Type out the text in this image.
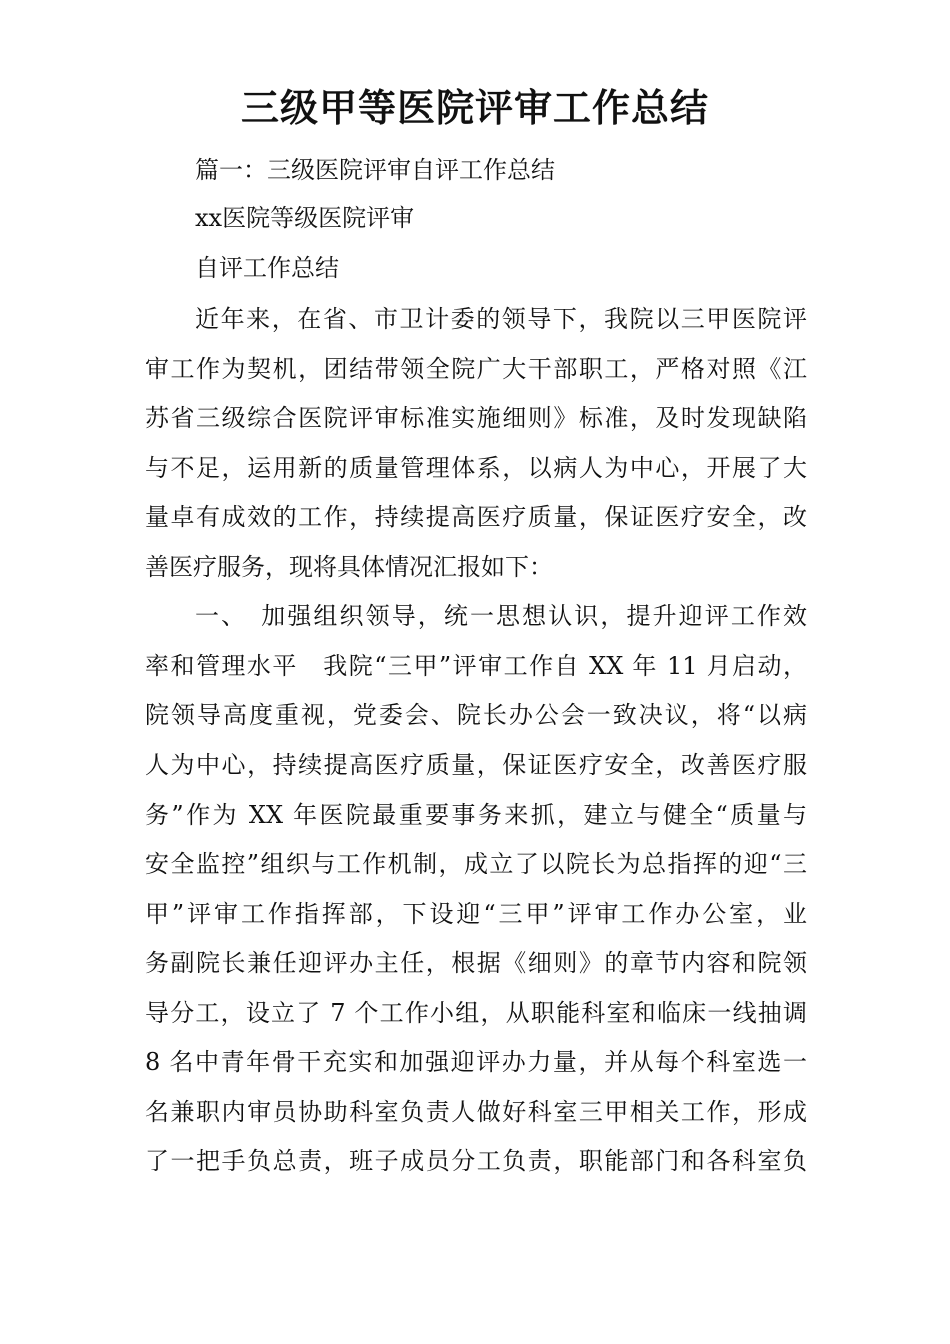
三级甲等医院评审工作总结
篇一：三级医院评审自评工作总结
xx医院等级医院评审
自评工作总结
近年来，在省、市卫计委的领导下，我院以三甲医院评
审工作为契机，团结带领全院广大干部职工，严格对照《江
苏省三级综合医院评审标准实施细则》标准，及时发现缺陷
与不足，运用新的质量管理体系，以病人为中心，开展了大
量卓有成效的工作，持续提高医疗质量，保证医疗安全，改
善医疗服务，现将具体情况汇报如下：
一、　加强组织领导，统一思想认识，提升迎评工作效
率和管理水平　我院“三甲”评审工作自 XX 年 11 月启动，
院领导高度重视，党委会、院长办公会一致决议，将“以病
人为中心，持续提高医疗质量，保证医疗安全，改善医疗服
务”作为 XX 年医院最重要事务来抓，建立与健全“质量与
安全监控”组织与工作机制，成立了以院长为总指挥的迎“三
甲”评审工作指挥部，下设迎“三甲”评审工作办公室，业
务副院长兼任迎评办主任，根据《细则》的章节内容和院领
导分工，设立了 7 个工作小组，从职能科室和临床一线抽调
8 名中青年骨干充实和加强迎评办力量，并从每个科室选一
名兼职内审员协助科室负责人做好科室三甲相关工作，形成
了一把手负总责，班子成员分工负责，职能部门和各科室负
